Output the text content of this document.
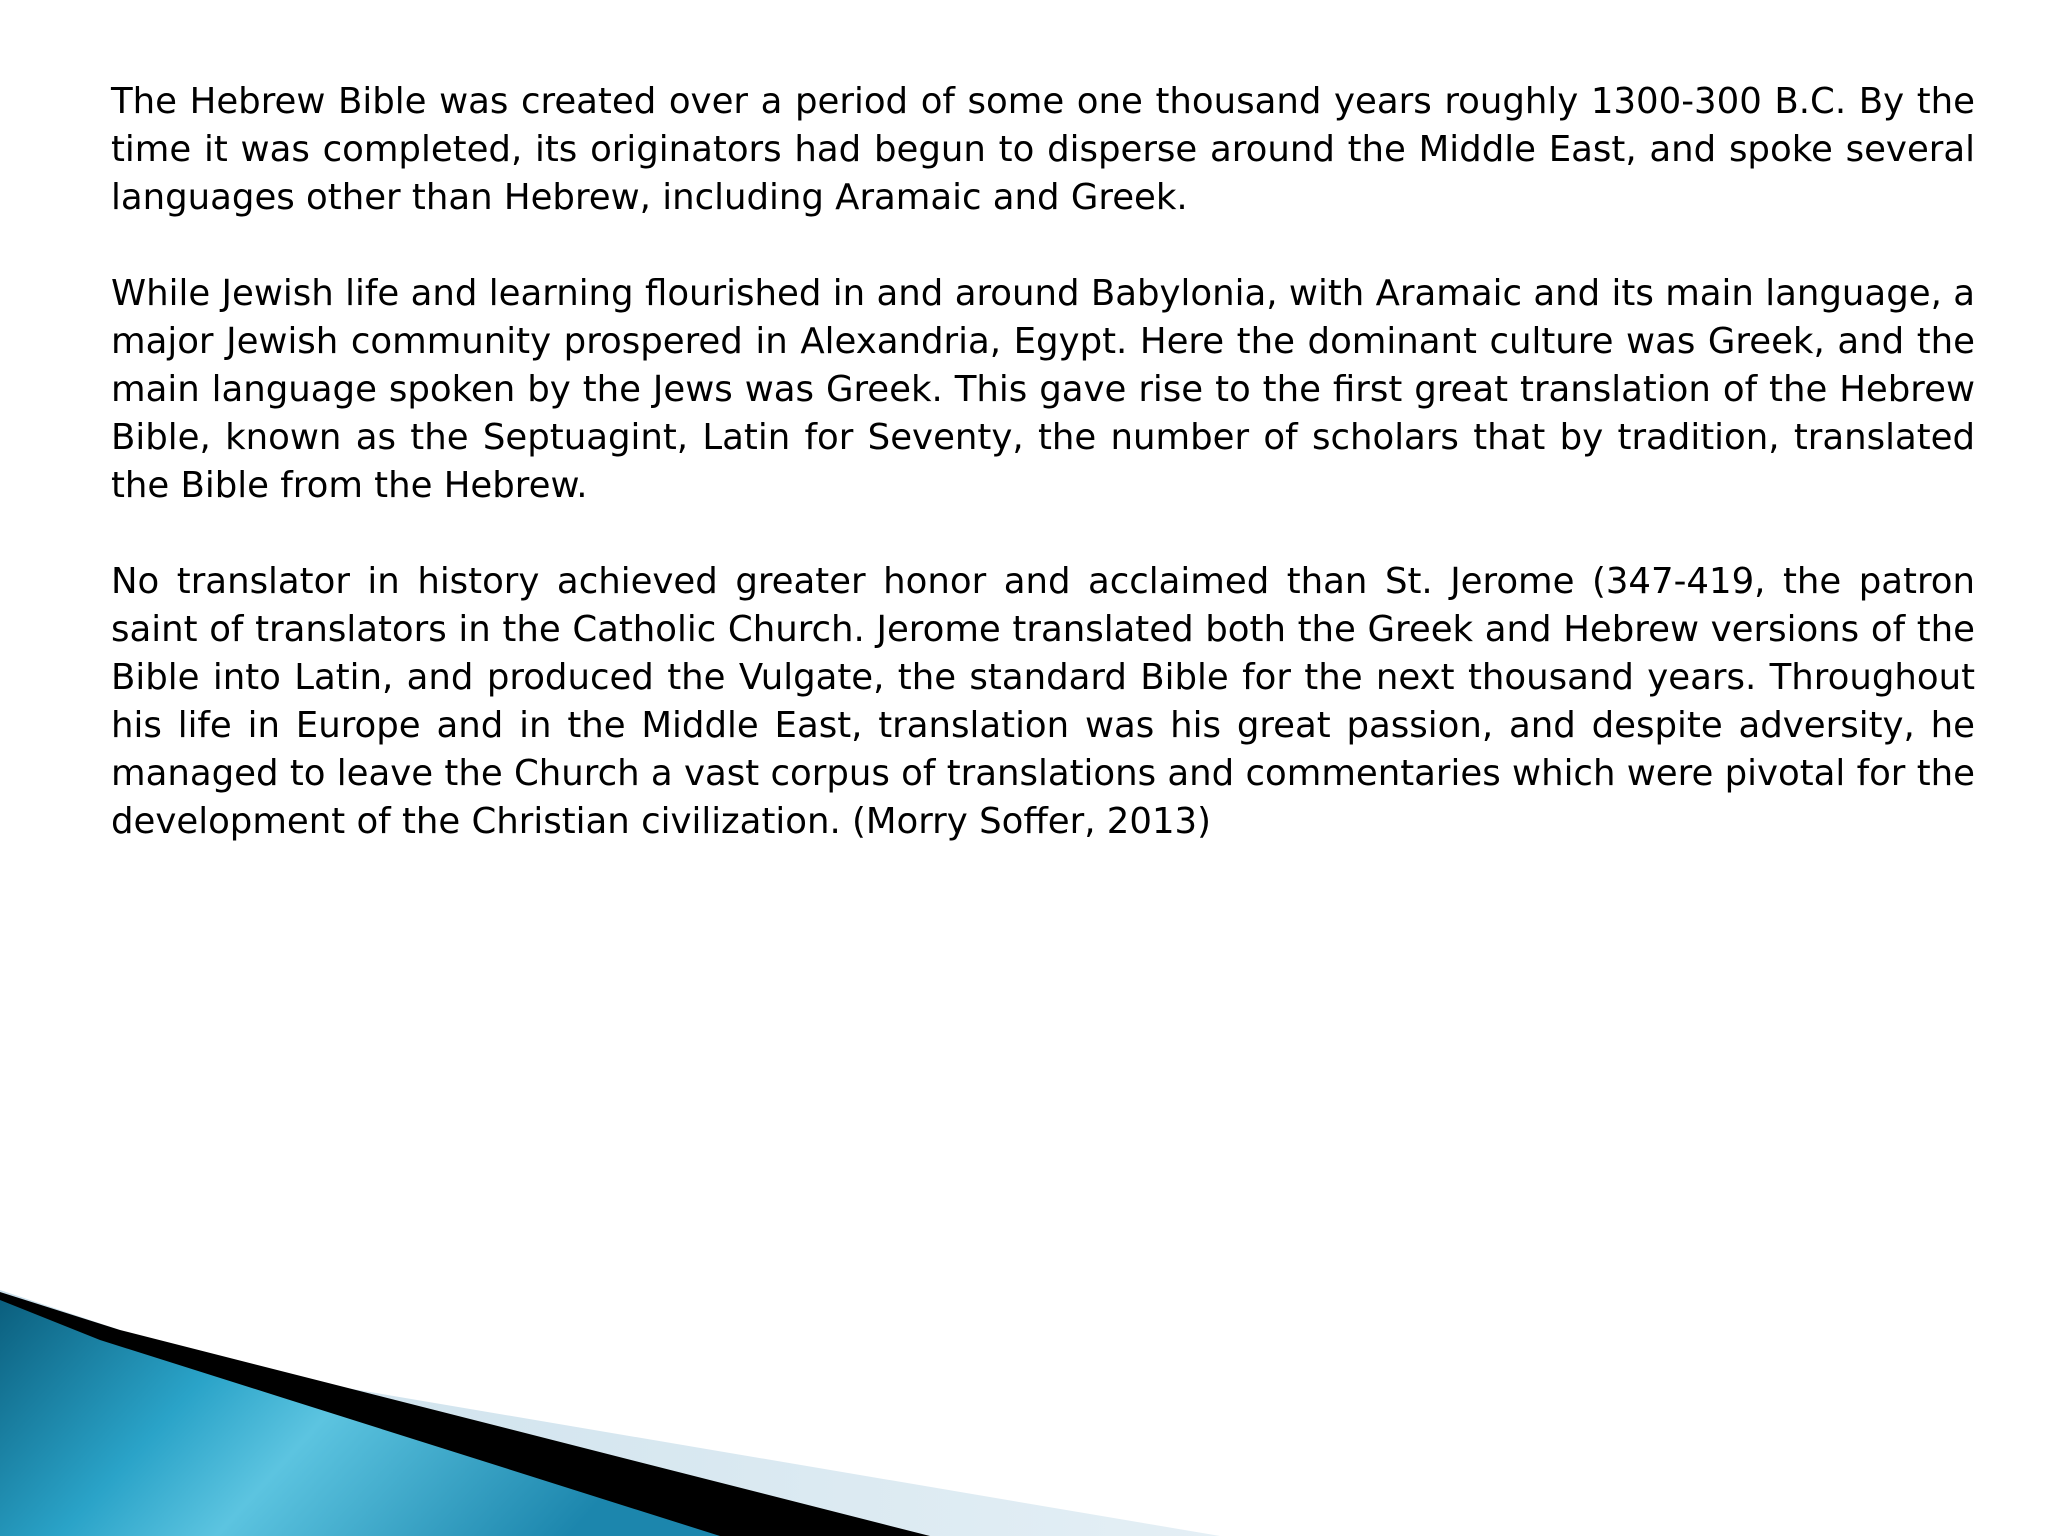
The Hebrew Bible was created over a period of some one thousand years roughly 1300-300 B.C. By the time it was completed, its originators had begun to disperse around the Middle East, and spoke several languages other than Hebrew, including Aramaic and Greek.

While Jewish life and learning flourished in and around Babylonia, with Aramaic and its main language, a major Jewish community prospered in Alexandria, Egypt. Here the dominant culture was Greek, and the main language spoken by the Jews was Greek. This gave rise to the first great translation of the Hebrew Bible, known as the Septuagint, Latin for Seventy, the number of scholars that by tradition, translated the Bible from the Hebrew.

No translator in history achieved greater honor and acclaimed than St. Jerome (347-419, the patron saint of translators in the Catholic Church. Jerome translated both the Greek and Hebrew versions of the Bible into Latin, and produced the Vulgate, the standard Bible for the next thousand years. Throughout his life in Europe and in the Middle East, translation was his great passion, and despite adversity, he managed to leave the Church a vast corpus of translations and commentaries which were pivotal for the development of the Christian civilization. (Morry Soffer, 2013)
